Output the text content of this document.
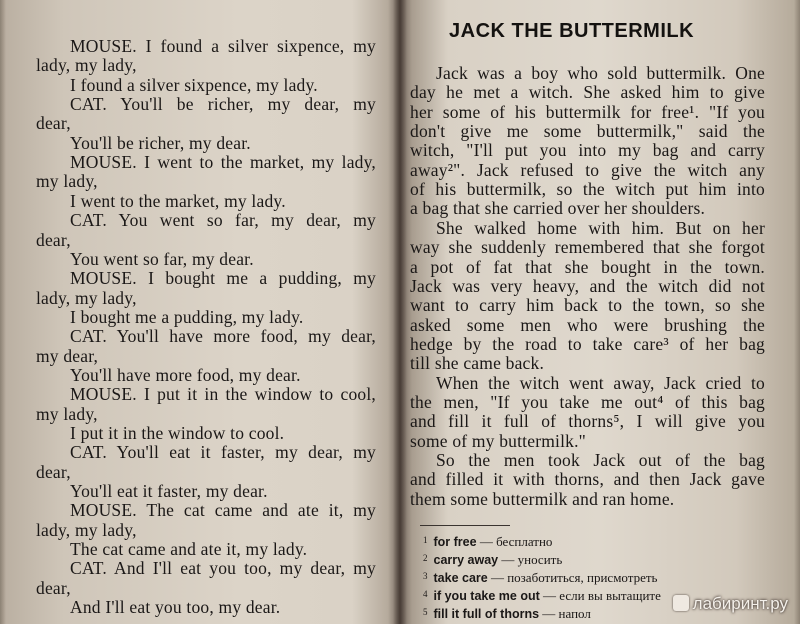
MOUSE. I found a silver sixpence, my
lady, my lady,
I found a silver sixpence, my lady.
CAT. You'll be richer, my dear, my
dear,
You'll be richer, my dear.
MOUSE. I went to the market, my lady,
my lady,
I went to the market, my lady.
CAT. You went so far, my dear, my
dear,
You went so far, my dear.
MOUSE. I bought me a pudding, my
lady, my lady,
I bought me a pudding, my lady.
CAT. You'll have more food, my dear,
my dear,
You'll have more food, my dear.
MOUSE. I put it in the window to cool,
my lady,
I put it in the window to cool.
CAT. You'll eat it faster, my dear, my
dear,
You'll eat it faster, my dear.
MOUSE. The cat came and ate it, my
lady, my lady,
The cat came and ate it, my lady.
CAT. And I'll eat you too, my dear, my
dear,
And I'll eat you too, my dear.
JACK THE BUTTERMILK
Jack was a boy who sold buttermilk. One
day he met a witch. She asked him to give
her some of his buttermilk for free¹. "If you
don't give me some buttermilk," said the
witch, "I'll put you into my bag and carry
away²". Jack refused to give the witch any
of his buttermilk, so the witch put him into
a bag that she carried over her shoulders.
She walked home with him. But on her
way she suddenly remembered that she forgot
a pot of fat that she bought in the town.
Jack was very heavy, and the witch did not
want to carry him back to the town, so she
asked some men who were brushing the
hedge by the road to take care³ of her bag
till she came back.
When the witch went away, Jack cried to
the men, "If you take me out⁴ of this bag
and fill it full of thorns⁵, I will give you
some of my buttermilk."
So the men took Jack out of the bag
and filled it with thorns, and then Jack gave
them some buttermilk and ran home.
$^1$ for free — бесплатно
$^2$ carry away — уносить
$^3$ take care — позаботиться, присмотреть
$^4$ if you take me out — если вы вытащите
$^5$ fill it full of thorns — напол
лабиринт.ру
